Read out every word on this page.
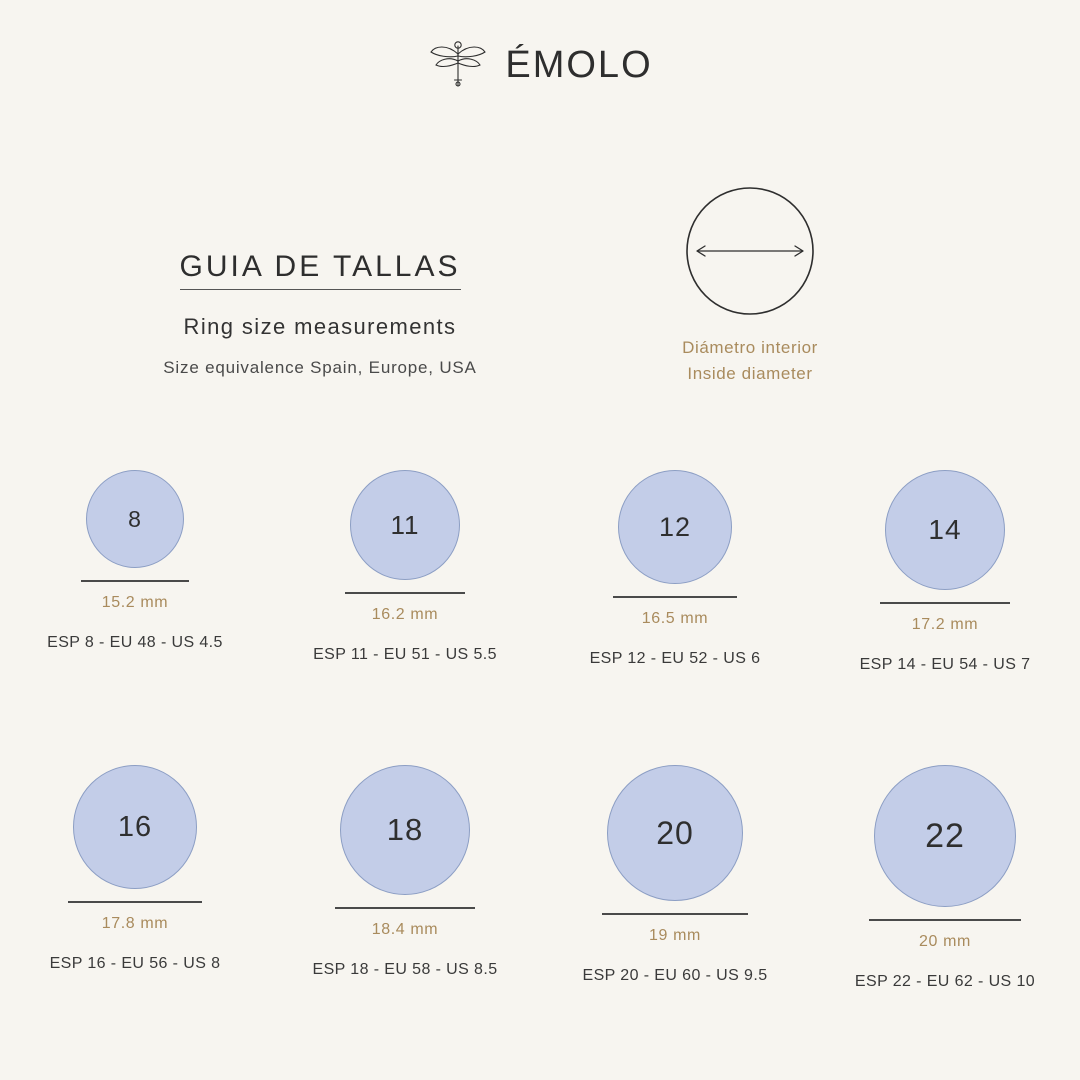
ÉMOLO
GUIA DE TALLAS
Ring size measurements
Size equivalence Spain, Europe, USA
Diámetro interior
Inside diameter
8
15.2 mm
ESP 8 - EU 48 - US 4.5
11
16.2 mm
ESP 11 - EU 51 - US 5.5
12
16.5 mm
ESP 12 - EU 52 - US 6
14
17.2 mm
ESP 14 - EU 54 - US 7
16
17.8 mm
ESP 16 - EU 56 - US 8
18
18.4 mm
ESP 18 - EU 58 - US 8.5
20
19 mm
ESP 20 - EU 60 - US 9.5
22
20 mm
ESP 22 - EU 62 - US 10
